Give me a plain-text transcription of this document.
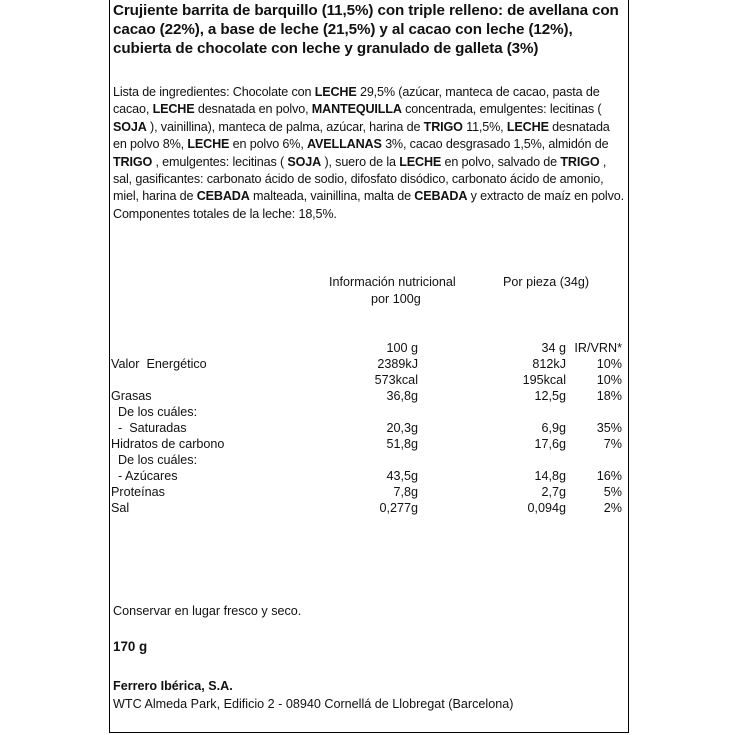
Crujiente barrita de barquillo (11,5%) con triple relleno: de avellana con cacao (22%), a base de leche (21,5%) y al cacao con leche (12%), cubierta de chocolate con leche y granulado de galleta (3%)
Lista de ingredientes: Chocolate con LECHE 29,5% (azúcar, manteca de cacao, pasta de cacao, LECHE desnatada en polvo, MANTEQUILLA concentrada, emulgentes: lecitinas ( SOJA ), vainillina), manteca de palma, azúcar, harina de TRIGO 11,5%, LECHE desnatada en polvo 8%, LECHE en polvo 6%, AVELLANAS 3%, cacao desgrasado 1,5%, almidón de TRIGO , emulgentes: lecitinas ( SOJA ), suero de la LECHE en polvo, salvado de TRIGO , sal, gasificantes: carbonato ácido de sodio, difosfato disódico, carbonato ácido de amonio, miel, harina de CEBADA malteada, vainillina, malta de CEBADA y extracto de maíz en polvo. Componentes totales de la leche: 18,5%.
Información nutricional
por 100g
Por pieza (34g)
100 g	34 g IR/VRN*
Valor  Energético	2389kJ	812kJ 10%
573kcal	195kcal 10%
Grasas	36,8g	12,5g 18%
De los cuáles:
-  Saturadas	20,3g	6,9g 35%
Hidratos de carbono	51,8g	17,6g	7%
De los cuáles:
- Azúcares	43,5g	14,8g 16%
Proteínas	7,8g	2,7g	5%
Sal	0,277g	0,094g	2%
Conservar en lugar fresco y seco.
170 g
Ferrero Ibérica, S.A.
WTC Almeda Park, Edificio 2 - 08940 Cornellá de Llobregat (Barcelona)
